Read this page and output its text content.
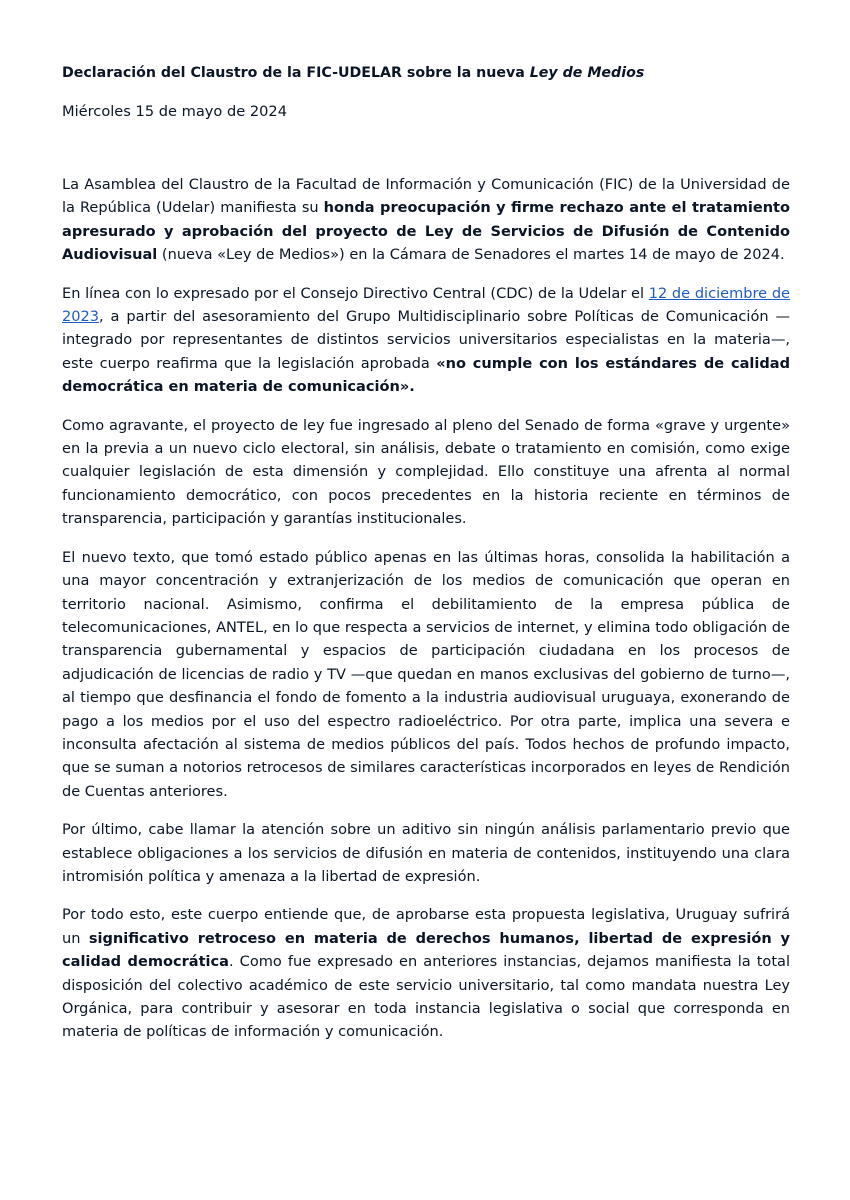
Declaración del Claustro de la FIC-UDELAR sobre la nueva Ley de Medios
Miércoles 15 de mayo de 2024

La Asamblea del Claustro de la Facultad de Información y Comunicación (FIC) de la Universidad de la República (Udelar) manifiesta su honda preocupación y firme rechazo ante el tratamiento apresurado y aprobación del proyecto de Ley de Servicios de Difusión de Contenido Audiovisual (nueva «Ley de Medios») en la Cámara de Senadores el martes 14 de mayo de 2024.

En línea con lo expresado por el Consejo Directivo Central (CDC) de la Udelar el 12 de diciembre de 2023, a partir del asesoramiento del Grupo Multidisciplinario sobre Políticas de Comunicación —integrado por representantes de distintos servicios universitarios especialistas en la materia—, este cuerpo reafirma que la legislación aprobada «no cumple con los estándares de calidad democrática en materia de comunicación».

Como agravante, el proyecto de ley fue ingresado al pleno del Senado de forma «grave y urgente» en la previa a un nuevo ciclo electoral, sin análisis, debate o tratamiento en comisión, como exige cualquier legislación de esta dimensión y complejidad. Ello constituye una afrenta al normal funcionamiento democrático, con pocos precedentes en la historia reciente en términos de transparencia, participación y garantías institucionales.

El nuevo texto, que tomó estado público apenas en las últimas horas, consolida la habilitación a una mayor concentración y extranjerización de los medios de comunicación que operan en territorio nacional. Asimismo, confirma el debilitamiento de la empresa pública de telecomunicaciones, ANTEL, en lo que respecta a servicios de internet, y elimina todo obligación de transparencia gubernamental y espacios de participación ciudadana en los procesos de adjudicación de licencias de radio y TV —que quedan en manos exclusivas del gobierno de turno—, al tiempo que desfinancia el fondo de fomento a la industria audiovisual uruguaya, exonerando de pago a los medios por el uso del espectro radioeléctrico. Por otra parte, implica una severa e inconsulta afectación al sistema de medios públicos del país. Todos hechos de profundo impacto, que se suman a notorios retrocesos de similares características incorporados en leyes de Rendición de Cuentas anteriores.

Por último, cabe llamar la atención sobre un aditivo sin ningún análisis parlamentario previo que establece obligaciones a los servicios de difusión en materia de contenidos, instituyendo una clara intromisión política y amenaza a la libertad de expresión.

Por todo esto, este cuerpo entiende que, de aprobarse esta propuesta legislativa, Uruguay sufrirá un significativo retroceso en materia de derechos humanos, libertad de expresión y calidad democrática. Como fue expresado en anteriores instancias, dejamos manifiesta la total disposición del colectivo académico de este servicio universitario, tal como mandata nuestra Ley Orgánica, para contribuir y asesorar en toda instancia legislativa o social que corresponda en materia de políticas de información y comunicación.
